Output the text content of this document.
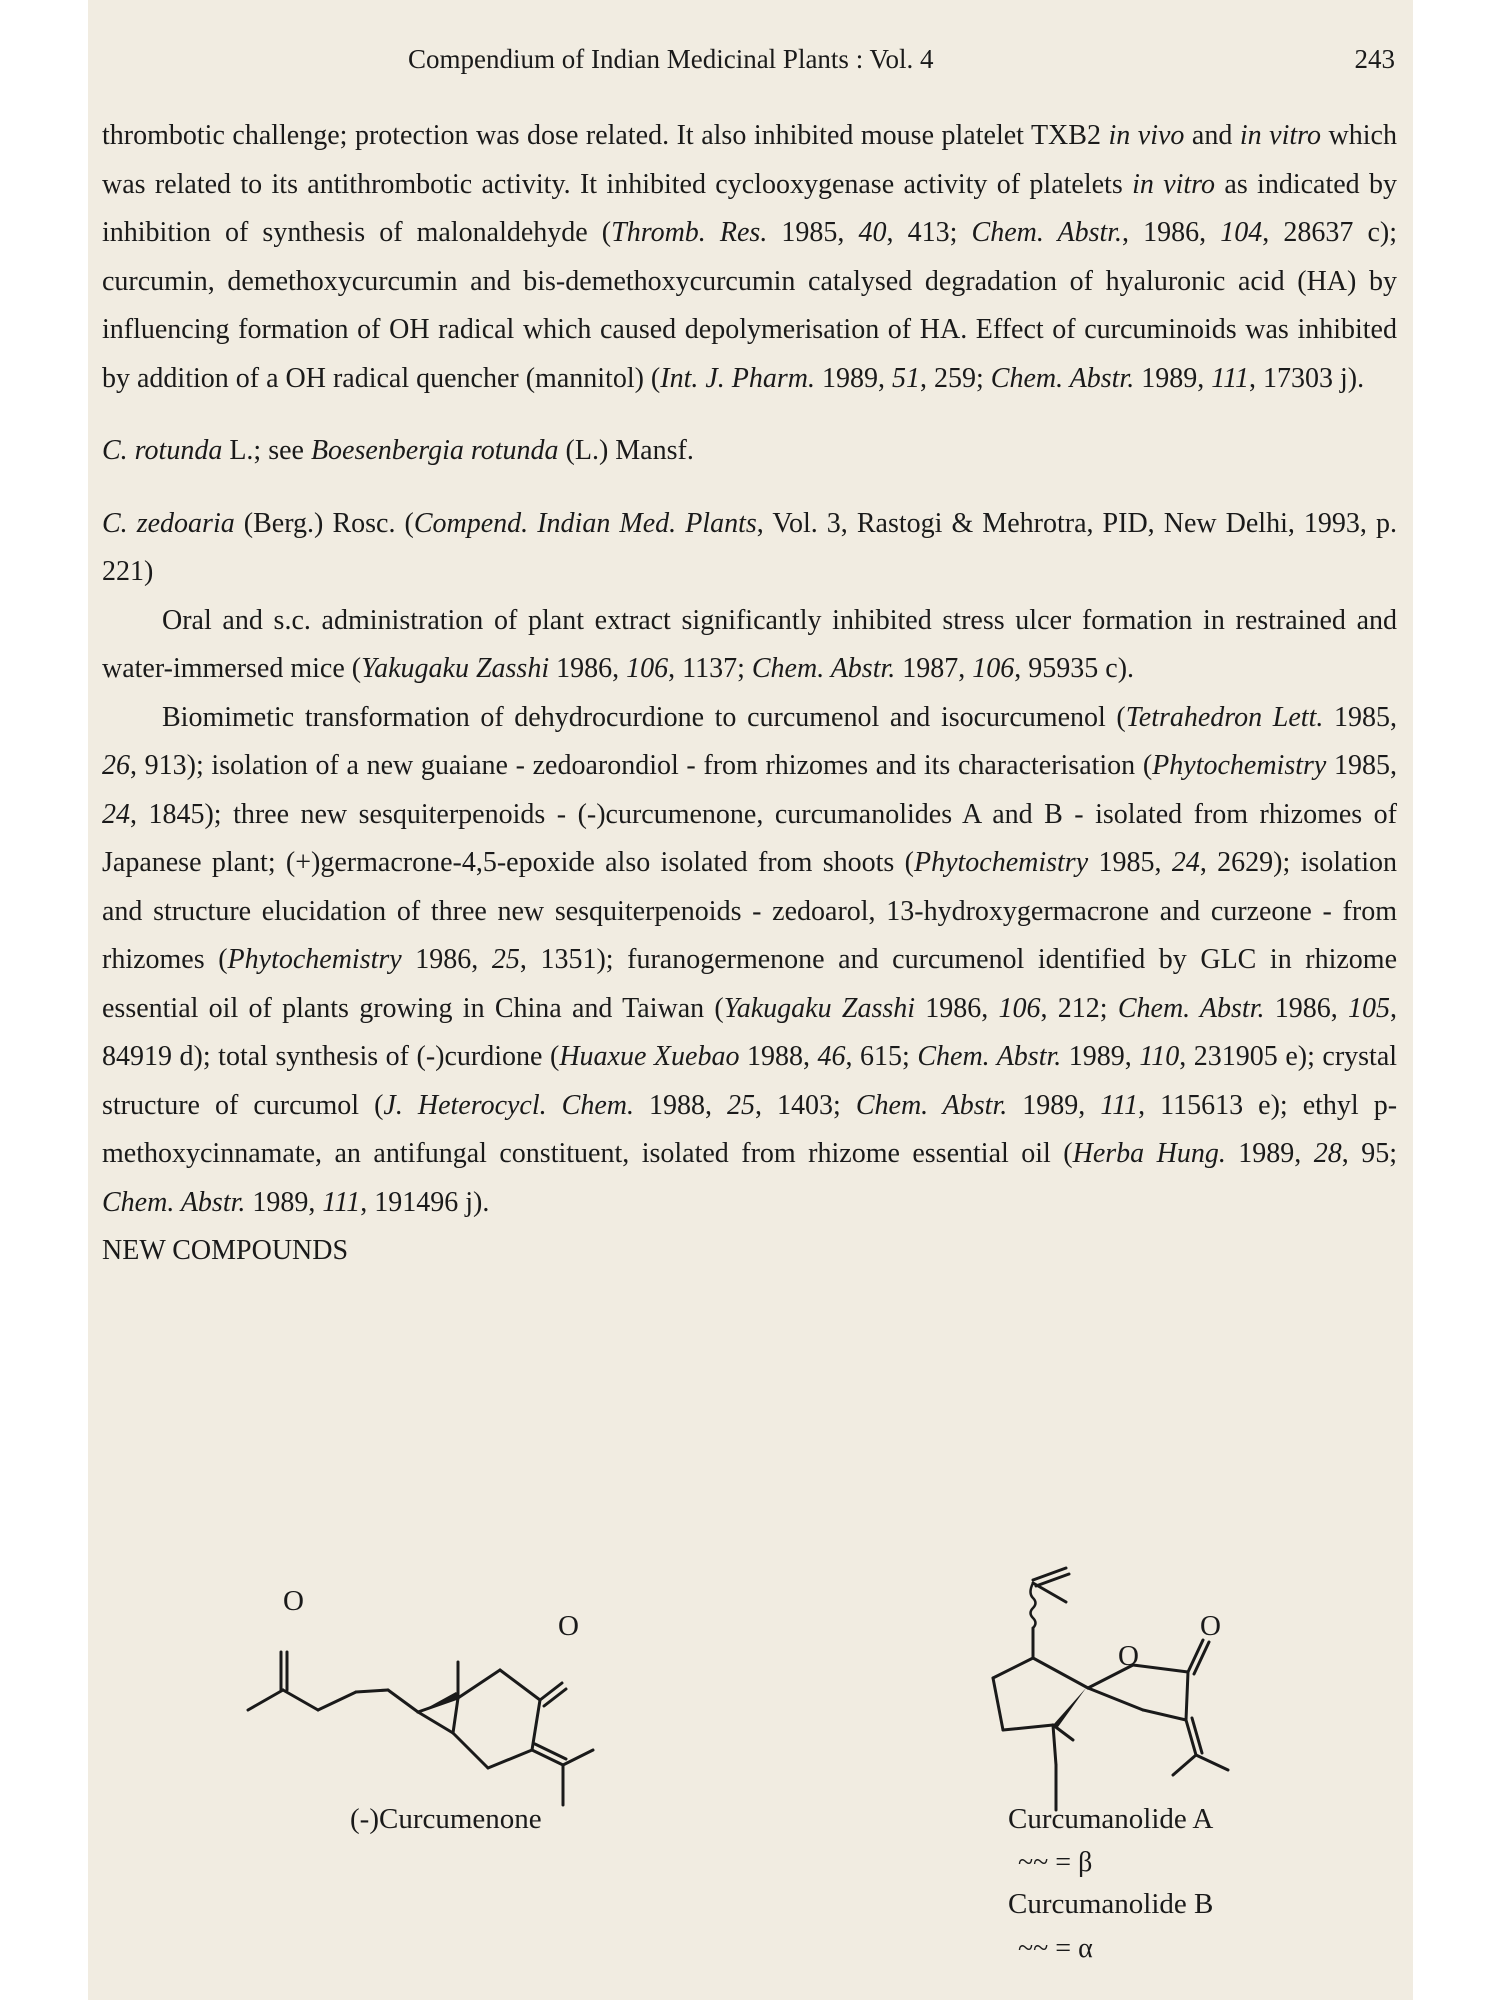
Compendium of Indian Medicinal Plants : Vol. 4	243

thrombotic challenge; protection was dose related. It also inhibited mouse platelet TXB2 in vivo and in vitro which was related to its antithrombotic activity. It inhibited cyclooxygenase activity of platelets in vitro as indicated by inhibition of synthesis of malonaldehyde (Thromb. Res. 1985, 40, 413; Chem. Abstr., 1986, 104, 28637 c); curcumin, demethoxycurcumin and bis-demethoxycurcumin catalysed degradation of hyaluronic acid (HA) by influencing formation of OH radical which caused depolymerisation of HA. Effect of curcuminoids was inhibited by addition of a OH radical quencher (mannitol) (Int. J. Pharm. 1989, 51, 259; Chem. Abstr. 1989, 111, 17303 j).

C. rotunda L.; see Boesenbergia rotunda (L.) Mansf.

C. zedoaria (Berg.) Rosc. (Compend. Indian Med. Plants, Vol. 3, Rastogi & Mehrotra, PID, New Delhi, 1993, p. 221)

Oral and s.c. administration of plant extract significantly inhibited stress ulcer formation in restrained and water-immersed mice (Yakugaku Zasshi 1986, 106, 1137; Chem. Abstr. 1987, 106, 95935 c).

Biomimetic transformation of dehydrocurdione to curcumenol and isocurcumenol (Tetrahedron Lett. 1985, 26, 913); isolation of a new guaiane - zedoarondiol - from rhizomes and its characterisation (Phytochemistry 1985, 24, 1845); three new sesquiterpenoids - (-)curcumenone, curcumanolides A and B - isolated from rhizomes of Japanese plant; (+)germacrone-4,5-epoxide also isolated from shoots (Phytochemistry 1985, 24, 2629); isolation and structure elucidation of three new sesquiterpenoids - zedoarol, 13-hydroxygermacrone and curzeone - from rhizomes (Phytochemistry 1986, 25, 1351); furanogermenone and curcumenol identified by GLC in rhizome essential oil of plants growing in China and Taiwan (Yakugaku Zasshi 1986, 106, 212; Chem. Abstr. 1986, 105, 84919 d); total synthesis of (-)curdione (Huaxue Xuebao 1988, 46, 615; Chem. Abstr. 1989, 110, 231905 e); crystal structure of curcumol (J. Heterocycl. Chem. 1988, 25, 1403; Chem. Abstr. 1989, 111, 115613 e); ethyl p-methoxycinnamate, an antifungal constituent, isolated from rhizome essential oil (Herba Hung. 1989, 28, 95; Chem. Abstr. 1989, 111, 191496 j).

NEW COMPOUNDS

O
O
O
O
(-)Curcumenone	Curcumanolide A
~~ = β
Curcumanolide B
~~ = α
